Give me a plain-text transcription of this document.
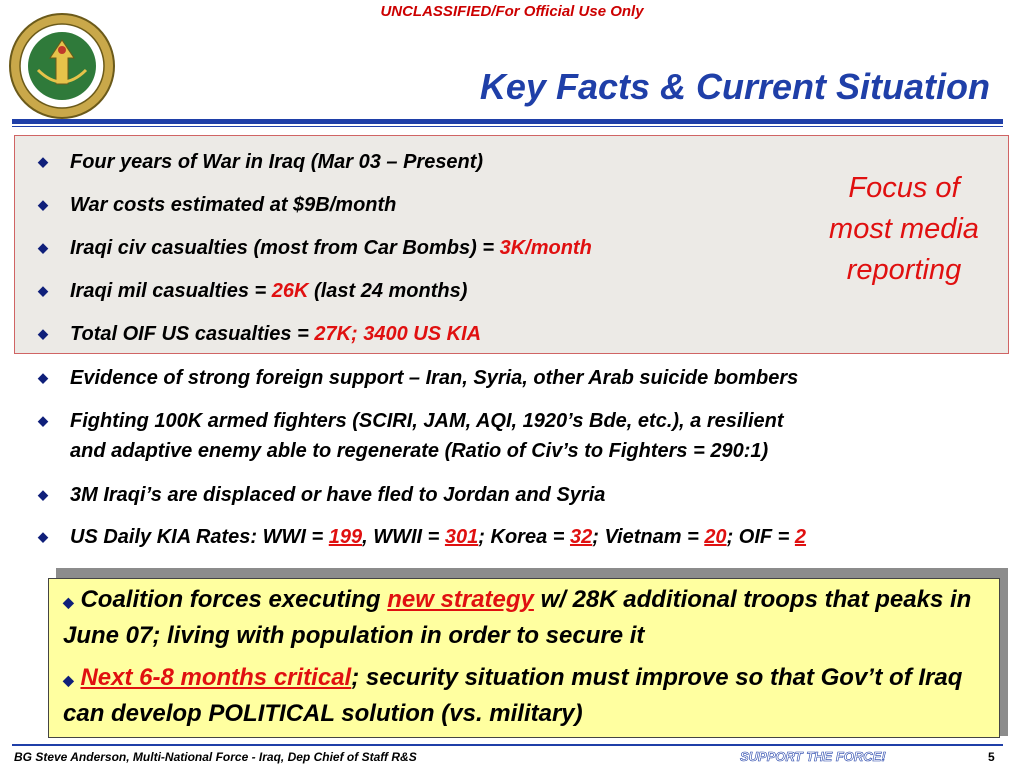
UNCLASSIFIED/For Official Use Only
Key Facts & Current Situation
◆ Four years of War in Iraq (Mar 03 – Present)
◆ War costs estimated at $9B/month
◆ Iraqi civ casualties (most from Car Bombs) = 3K/month
◆ Iraqi mil casualties = 26K (last 24 months)
◆ Total OIF US casualties = 27K; 3400 US KIA
Focus of most media reporting
◆ Evidence of strong foreign support – Iran, Syria, other Arab suicide bombers
◆ Fighting 100K armed fighters (SCIRI, JAM, AQI, 1920’s Bde, etc.), a resilient
and adaptive enemy able to regenerate (Ratio of Civ’s to Fighters = 290:1)
◆ 3M Iraqi’s are displaced or have fled to Jordan and Syria
◆ US Daily KIA Rates: WWI = 199, WWII = 301; Korea = 32; Vietnam = 20; OIF = 2

◆ Coalition forces executing new strategy w/ 28K additional troops that peaks in June 07; living with population in order to secure it

◆ Next 6-8 months critical; security situation must improve so that Gov’t of Iraq can develop POLITICAL solution (vs. military)

BG Steve Anderson, Multi-National Force - Iraq, Dep Chief of Staff R&S	SUPPORT THE FORCE!	5
